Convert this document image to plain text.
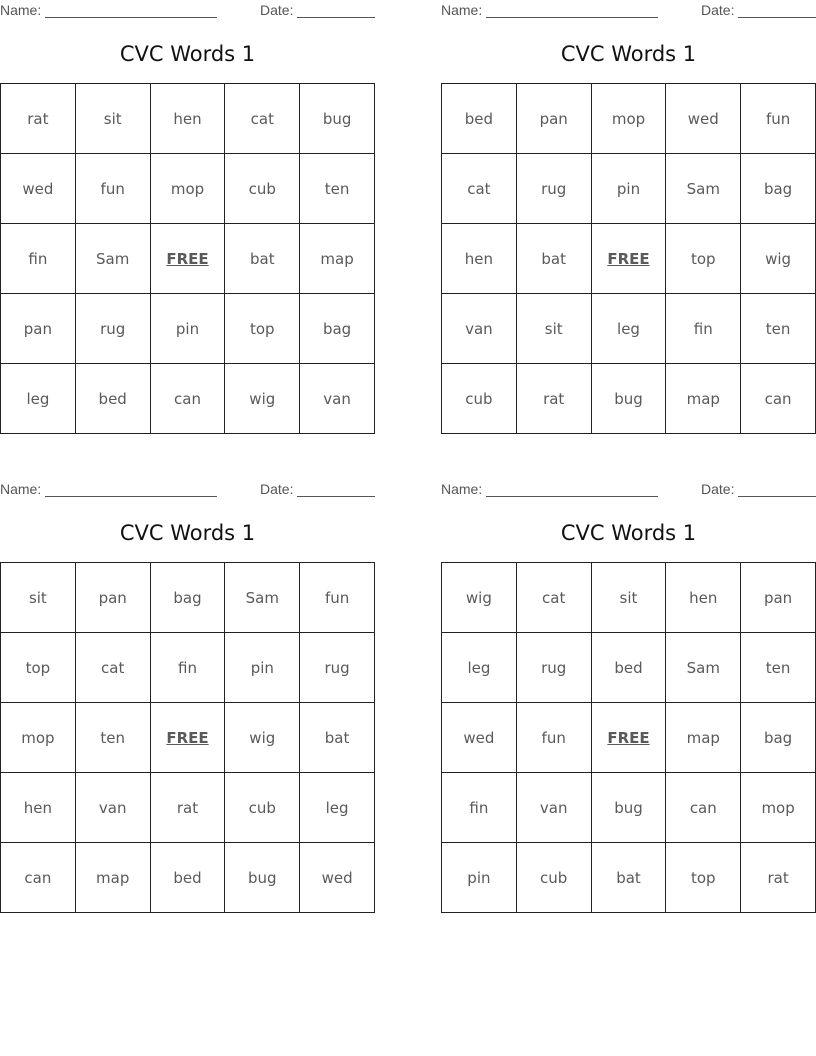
Name:	Date:
CVC Words 1
rat	sit	hen	cat	bug
wed	fun	mop	cub	ten
fin	Sam	FREE	bat	map
pan	rug	pin	top	bag
leg	bed	can	wig	van
Name:	Date:
CVC Words 1
bed	pan	mop	wed	fun
cat	rug	pin	Sam	bag
hen	bat	FREE	top	wig
van	sit	leg	fin	ten
cub	rat	bug	map	can
Name:	Date:
CVC Words 1
sit	pan	bag	Sam	fun
top	cat	fin	pin	rug
mop	ten	FREE	wig	bat
hen	van	rat	cub	leg
can	map	bed	bug	wed
Name:	Date:
CVC Words 1
wig	cat	sit	hen	pan
leg	rug	bed	Sam	ten
wed	fun	FREE	map	bag
fin	van	bug	can	mop
pin	cub	bat	top	rat
